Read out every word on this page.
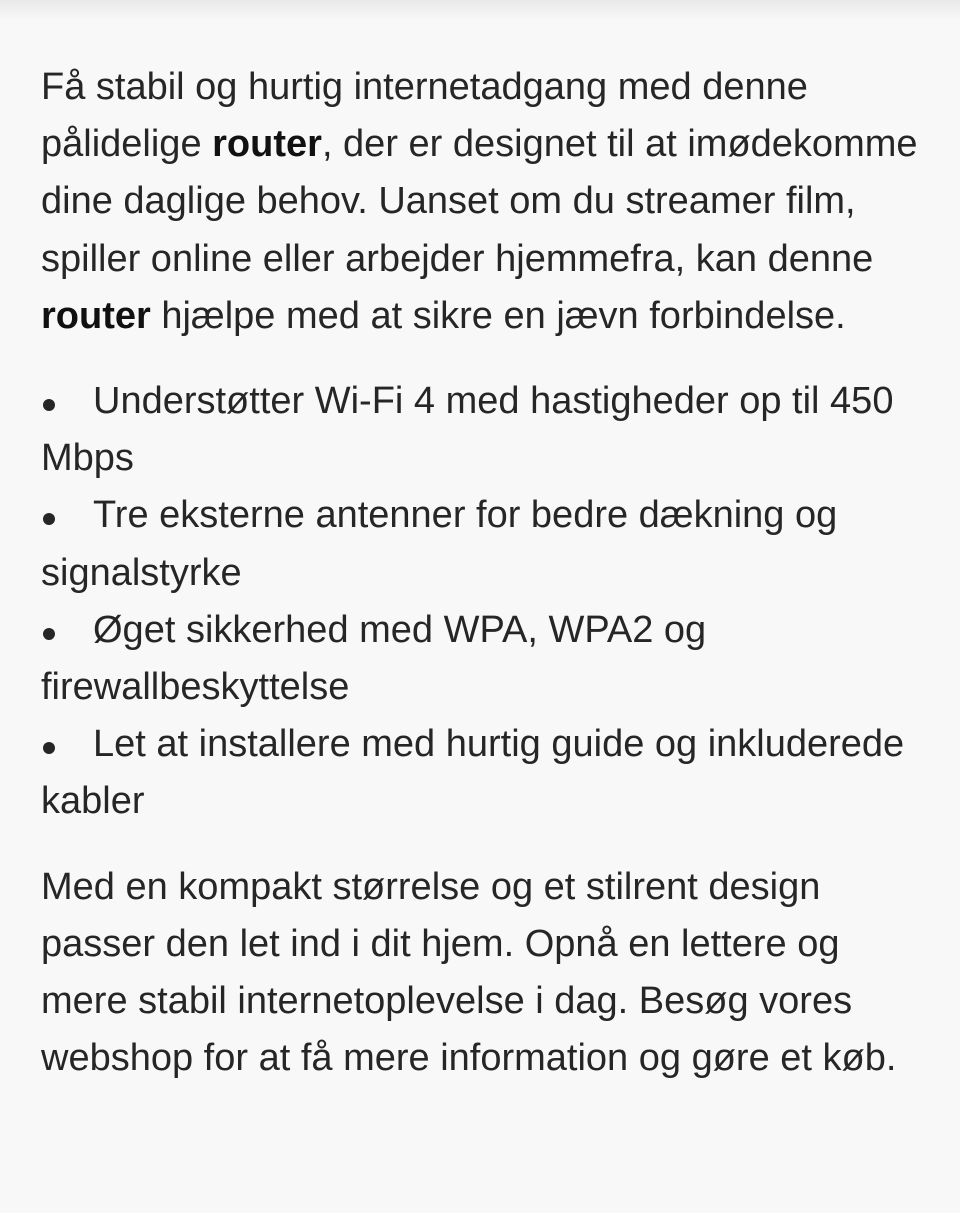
Få stabil og hurtig internetadgang med denne pålidelige router, der er designet til at imødekomme dine daglige behov. Uanset om du streamer film, spiller online eller arbejder hjemmefra, kan denne router hjælpe med at sikre en jævn forbindelse.

Understøtter Wi-Fi 4 med hastigheder op til 450 Mbps
Tre eksterne antenner for bedre dækning og signalstyrke
Øget sikkerhed med WPA, WPA2 og firewallbeskyttelse
Let at installere med hurtig guide og inkluderede kabler

Med en kompakt størrelse og et stilrent design passer den let ind i dit hjem. Opnå en lettere og mere stabil internetoplevelse i dag. Besøg vores webshop for at få mere information og gøre et køb.
